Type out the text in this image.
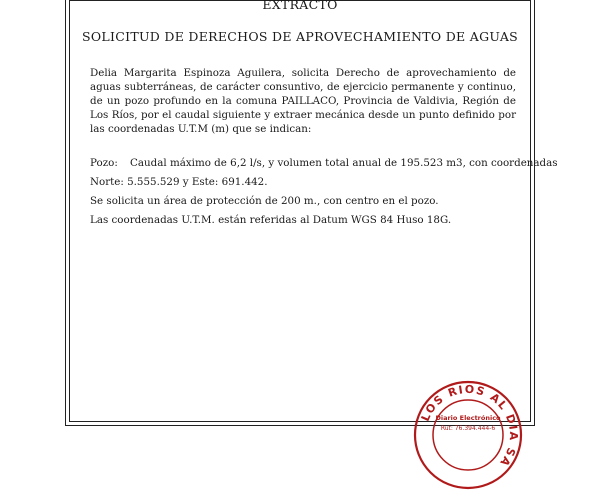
EXTRACTO
SOLICITUD DE DERECHOS DE APROVECHAMIENTO DE AGUAS
Delia Margarita Espinoza Aguilera, solicita Derecho de aprovechamiento de aguas subterráneas, de carácter consuntivo, de ejercicio permanente y continuo, de un pozo profundo en la comuna PAILLACO, Provincia de Valdivia, Región de Los Ríos, por el caudal siguiente y extraer mecánica desde un punto definido por las coordenadas U.T.M (m) que se indican:
Pozo: Caudal máximo de 6,2 l/s, y volumen total anual de 195.523 m3, con coordenadas
Norte: 5.555.529 y Este: 691.442.
Se solicita un área de protección de 200 m., con centro en el pozo.
Las coordenadas U.T.M. están referidas al Datum WGS 84 Huso 18G.
LOS RIOS AL DIA SA
Diario Electrónico
Rut: 76.394.444-6
